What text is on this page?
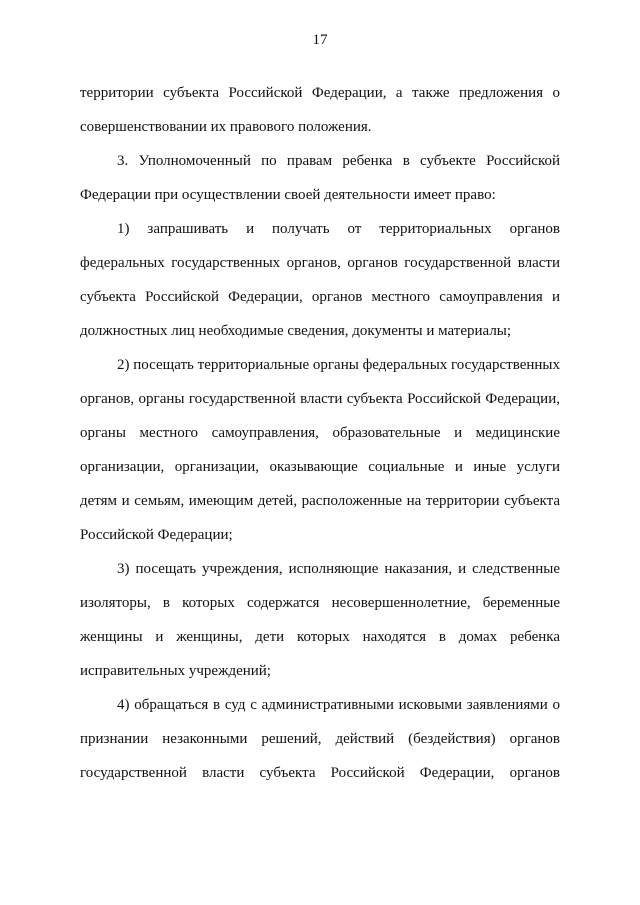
17

территории субъекта Российской Федерации, а также предложения о совершенствовании их правового положения.

3. Уполномоченный по правам ребенка в субъекте Российской Федерации при осуществлении своей деятельности имеет право:

1) запрашивать и получать от территориальных органов федеральных государственных органов, органов государственной власти субъекта Российской Федерации, органов местного самоуправления и должностных лиц необходимые сведения, документы и материалы;

2) посещать территориальные органы федеральных государственных органов, органы государственной власти субъекта Российской Федерации, органы местного самоуправления, образовательные и медицинские организации, организации, оказывающие социальные и иные услуги детям и семьям, имеющим детей, расположенные на территории субъекта Российской Федерации;

3) посещать учреждения, исполняющие наказания, и следственные изоляторы, в которых содержатся несовершеннолетние, беременные женщины и женщины, дети которых находятся в домах ребенка исправительных учреждений;

4) обращаться в суд с административными исковыми заявлениями о признании незаконными решений, действий (бездействия) органов государственной власти субъекта Российской Федерации, органов
